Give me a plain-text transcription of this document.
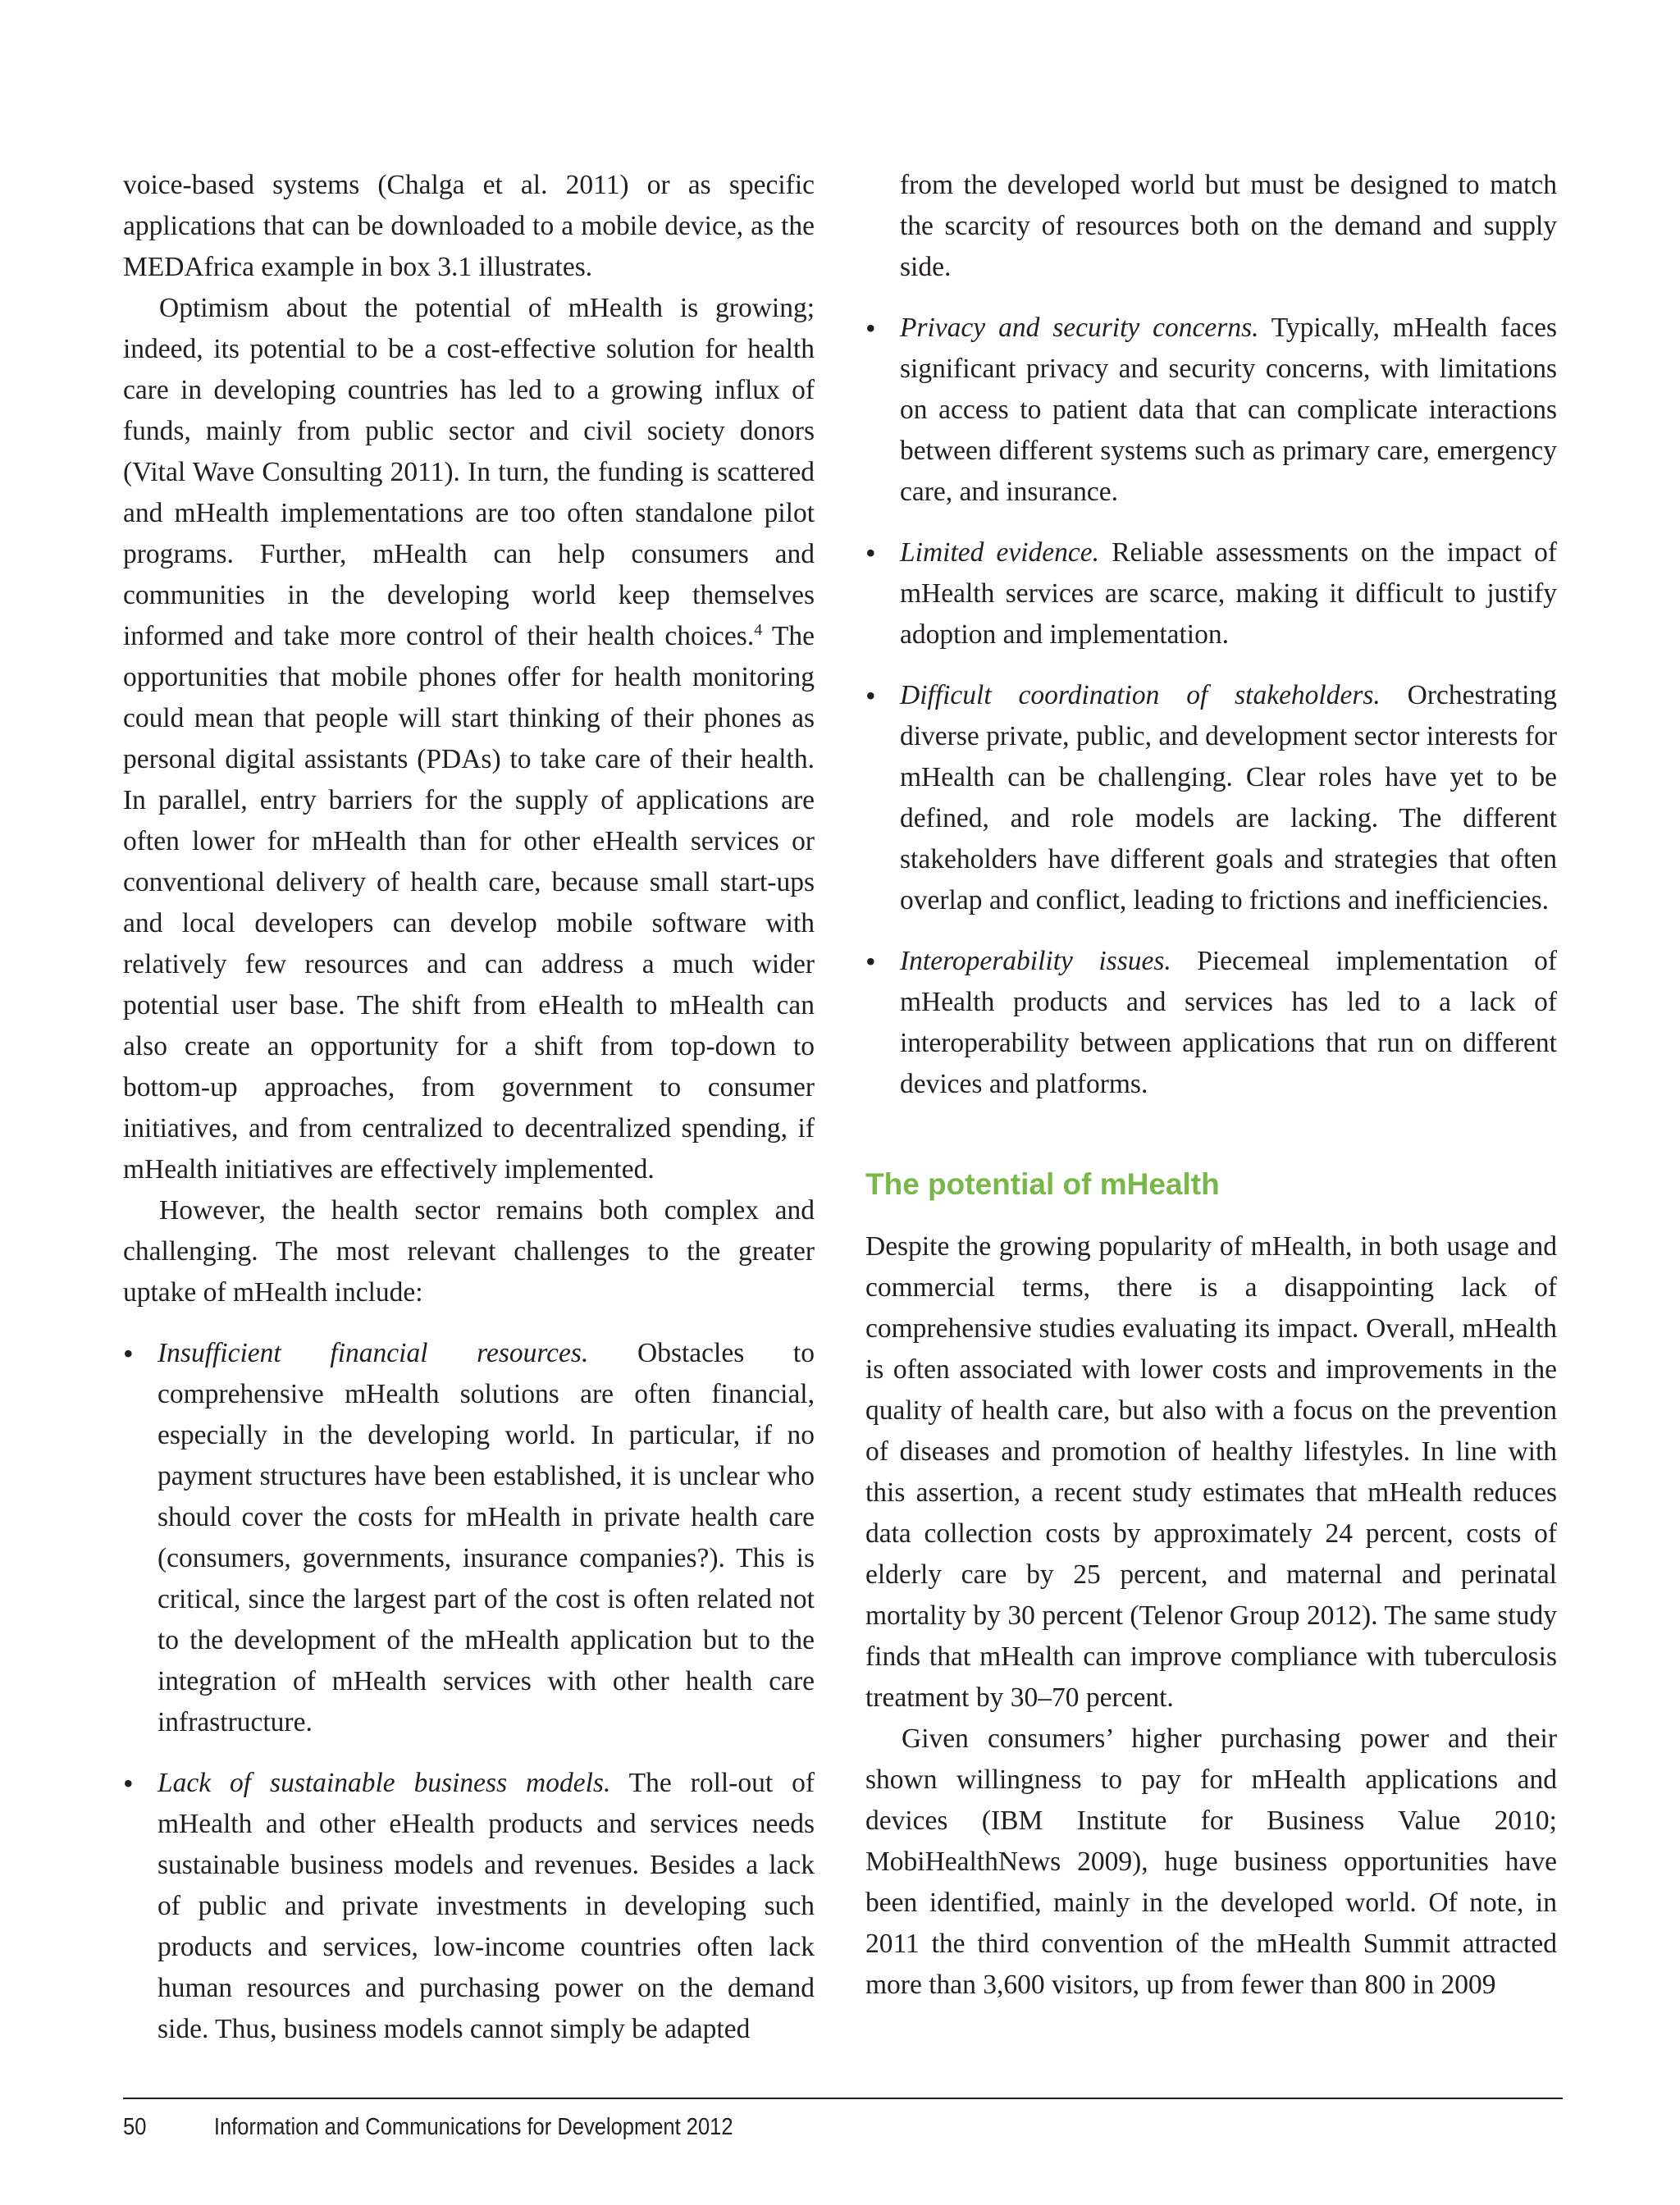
voice-based systems (Chalga et al. 2011) or as specific applications that can be downloaded to a mobile device, as the MEDAfrica example in box 3.1 illustrates.

Optimism about the potential of mHealth is growing; indeed, its potential to be a cost-effective solution for health care in developing countries has led to a growing influx of funds, mainly from public sector and civil society donors (Vital Wave Consulting 2011). In turn, the funding is scattered and mHealth implementations are too often standalone pilot programs. Further, mHealth can help consumers and communities in the developing world keep themselves informed and take more control of their health choices.$^4$ The opportunities that mobile phones offer for health monitoring could mean that people will start thinking of their phones as personal digital assistants (PDAs) to take care of their health. In parallel, entry barriers for the supply of applications are often lower for mHealth than for other eHealth services or conventional delivery of health care, because small start-ups and local developers can develop mobile software with relatively few resources and can address a much wider potential user base. The shift from eHealth to mHealth can also create an opportunity for a shift from top-down to bottom-up approaches, from government to consumer initiatives, and from centralized to decentralized spending, if mHealth initiatives are effectively implemented.

However, the health sector remains both complex and challenging. The most relevant challenges to the greater uptake of mHealth include:

• Insufficient financial resources. Obstacles to comprehensive mHealth solutions are often financial, especially in the developing world. In particular, if no payment structures have been established, it is unclear who should cover the costs for mHealth in private health care (consumers, governments, insurance companies?). This is critical, since the largest part of the cost is often related not to the development of the mHealth application but to the integration of mHealth services with other health care infrastructure.
• Lack of sustainable business models. The roll-out of mHealth and other eHealth products and services needs sustainable business models and revenues. Besides a lack of public and private investments in developing such products and services, low-income countries often lack human resources and purchasing power on the demand side. Thus, business models cannot simply be adapted
from the developed world but must be designed to match the scarcity of resources both on the demand and supply side.
• Privacy and security concerns. Typically, mHealth faces significant privacy and security concerns, with limitations on access to patient data that can complicate interactions between different systems such as primary care, emergency care, and insurance.
• Limited evidence. Reliable assessments on the impact of mHealth services are scarce, making it difficult to justify adoption and implementation.
• Difficult coordination of stakeholders. Orchestrating diverse private, public, and development sector interests for mHealth can be challenging. Clear roles have yet to be defined, and role models are lacking. The different stakeholders have different goals and strategies that often overlap and conflict, leading to frictions and inefficiencies.
• Interoperability issues. Piecemeal implementation of mHealth products and services has led to a lack of interoperability between applications that run on different devices and platforms.
The potential of mHealth

Despite the growing popularity of mHealth, in both usage and commercial terms, there is a disappointing lack of comprehensive studies evaluating its impact. Overall, mHealth is often associated with lower costs and improvements in the quality of health care, but also with a focus on the prevention of diseases and promotion of healthy lifestyles. In line with this assertion, a recent study estimates that mHealth reduces data collection costs by approximately 24 percent, costs of elderly care by 25 percent, and maternal and perinatal mortality by 30 percent (Telenor Group 2012). The same study finds that mHealth can improve compliance with tuberculosis treatment by 30–70 percent.

Given consumers’ higher purchasing power and their shown willingness to pay for mHealth applications and devices (IBM Institute for Business Value 2010; MobiHealthNews 2009), huge business opportunities have been identified, mainly in the developed world. Of note, in 2011 the third convention of the mHealth Summit attracted more than 3,600 visitors, up from fewer than 800 in 2009

50	Information and Communications for Development 2012
